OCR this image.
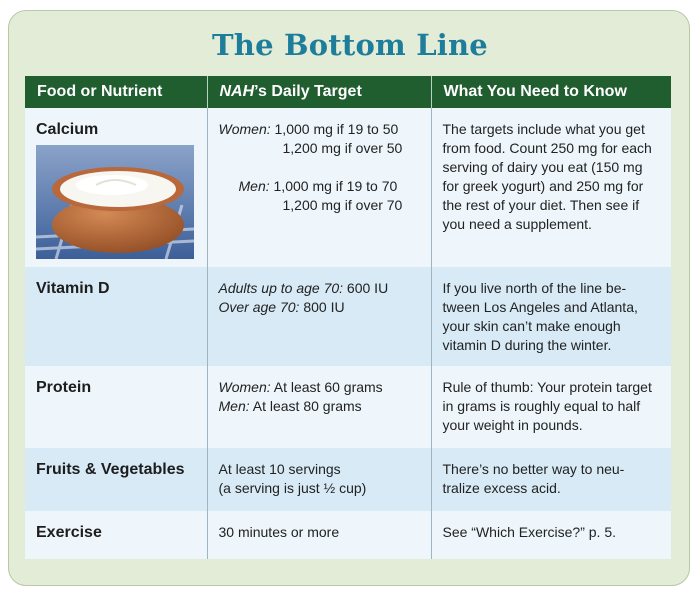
The Bottom Line
Food or Nutrient	NAH’s Daily Target	What You Need to Know

Calcium	Women: 1,000 mg if 19 to 50
1,200 mg if over 50
Men: 1,000 mg if 19 to 70
1,200 mg if over 70	The targets include what you get from food. Count 250 mg for each serving of dairy you eat (150 mg for greek yogurt) and 250 mg for the rest of your diet. Then see if you need a supplement.

Vitamin D	Adults up to age 70: 600 IU
Over age 70: 800 IU	If you live north of the line be-tween Los Angeles and Atlanta, your skin can’t make enough vitamin D during the winter.

Protein	Women: At least 60 grams
Men: At least 80 grams	Rule of thumb: Your protein target in grams is roughly equal to half your weight in pounds.

Fruits & Vegetables	At least 10 servings
(a serving is just ½ cup)	There’s no better way to neu-tralize excess acid.

Exercise	30 minutes or more	See “Which Exercise?” p. 5.
